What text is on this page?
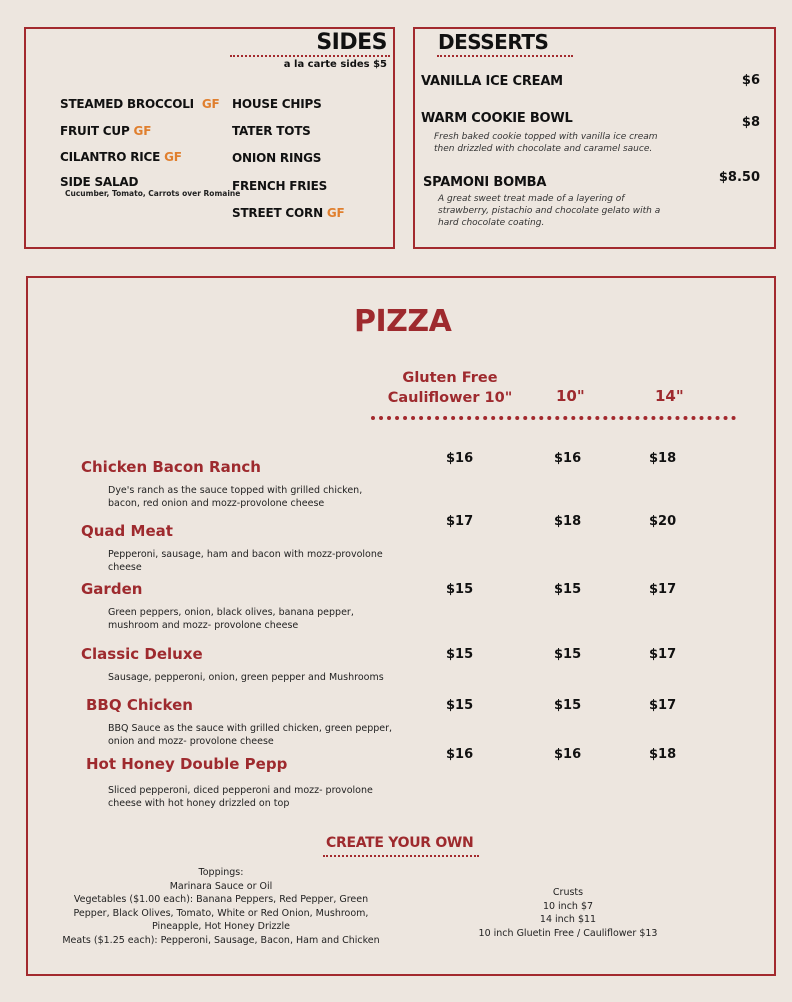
SIDES
a la carte sides $5
STEAMED BROCCOLI GF
FRUIT CUP GF
CILANTRO RICE GF
SIDE SALAD
Cucumber, Tomato, Carrots over Romaine
HOUSE CHIPS
TATER TOTS
ONION RINGS
FRENCH FRIES
STREET CORN GF
DESSERTS
VANILLA ICE CREAM	$6
WARM COOKIE BOWL	$8
Fresh baked cookie topped with vanilla ice cream then drizzled with chocolate and caramel sauce.
SPAMONI BOMBA	$8.50
A great sweet treat made of a layering of strawberry, pistachio and chocolate gelato with a hard chocolate coating.
PIZZA
Gluten Free
Cauliflower 10"	10"	14"
Chicken Bacon Ranch
Dye's ranch as the sauce topped with grilled chicken, bacon, red onion and mozz-provolone cheese
$16	$16	$18
Quad Meat
Pepperoni, sausage, ham and bacon with mozz-provolone cheese
$17	$18	$20
Garden
Green peppers, onion, black olives, banana pepper, mushroom and mozz- provolone cheese
$15	$15	$17
Classic Deluxe
Sausage, pepperoni, onion, green pepper and Mushrooms
$15	$15	$17
BBQ Chicken
BBQ Sauce as the sauce with grilled chicken, green pepper, onion and mozz- provolone cheese
$15	$15	$17
Hot Honey Double Pepp
Sliced pepperoni, diced pepperoni and mozz- provolone cheese with hot honey drizzled on top
$16	$16	$18
CREATE YOUR OWN
Toppings:
Marinara Sauce or Oil
Vegetables ($1.00 each): Banana Peppers, Red Pepper, Green Pepper, Black Olives, Tomato, White or Red Onion, Mushroom, Pineapple, Hot Honey Drizzle
Meats ($1.25 each): Pepperoni, Sausage, Bacon, Ham and Chicken
Crusts
10 inch $7
14 inch $11
10 inch Gluetin Free / Cauliflower $13
